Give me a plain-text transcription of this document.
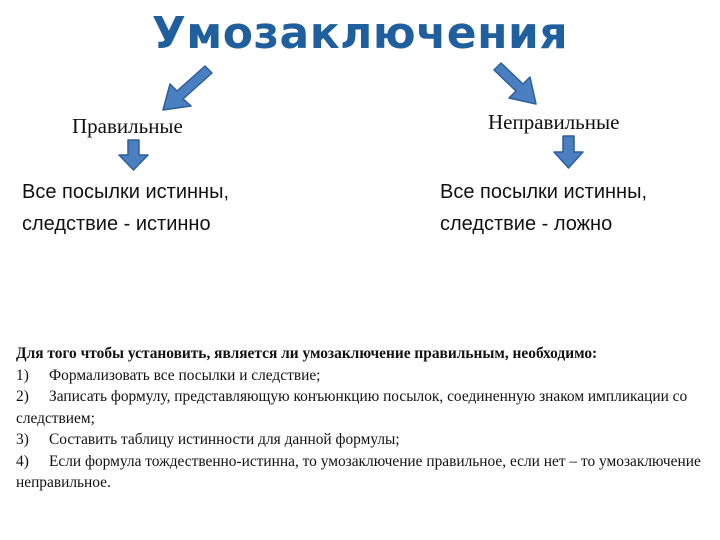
Умозаключения
Правильные	Неправильные
Все посылки истинны,
следствие - истинно
Все посылки истинны,
следствие - ложно
Для того чтобы установить, является ли умозаключение правильным, необходимо:
1) Формализовать все посылки и следствие;
2) Записать формулу, представляющую конъюнкцию посылок, соединенную знаком импликации со следствием;
3) Составить таблицу истинности для данной формулы;
4) Если формула тождественно-истинна, то умозаключение правильное, если нет – то умозаключение неправильное.
